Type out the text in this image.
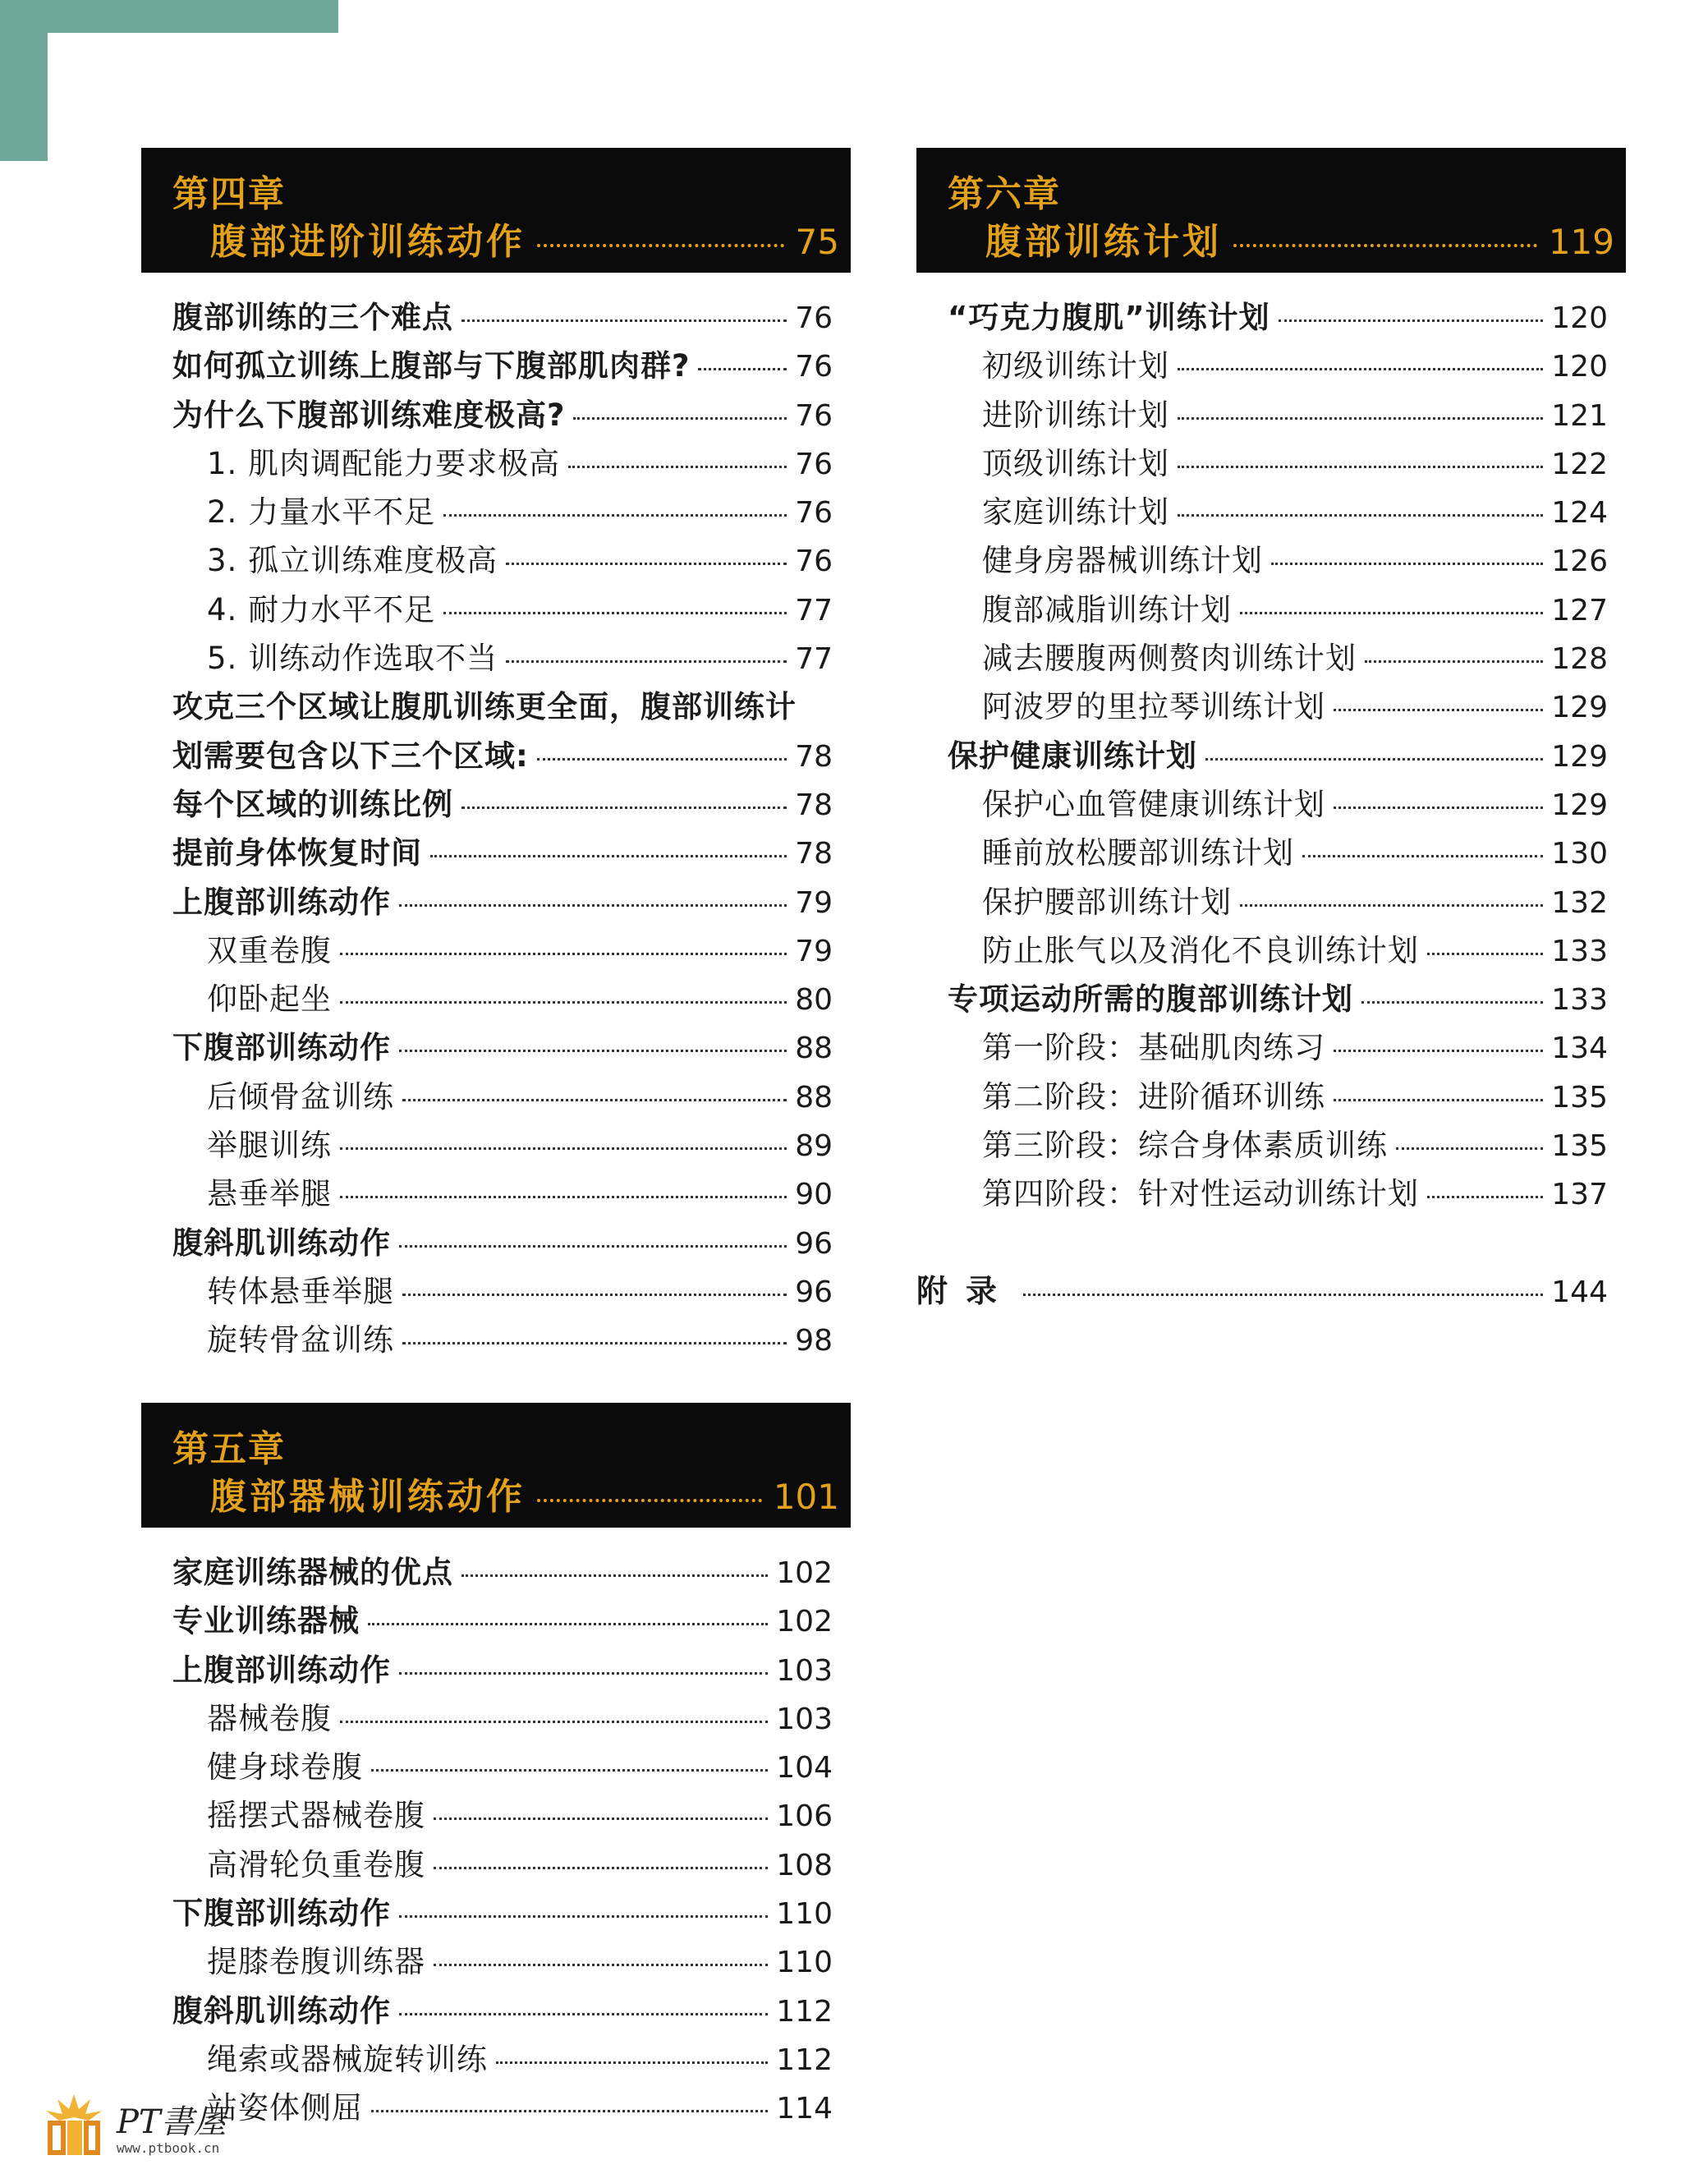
第四章
腹部进阶训练动作	75
腹部训练的三个难点	76
如何孤立训练上腹部与下腹部肌肉群?	76
为什么下腹部训练难度极高?	76
1. 肌肉调配能力要求极高	76
2. 力量水平不足	76
3. 孤立训练难度极高	76
4. 耐力水平不足	77
5. 训练动作选取不当	77
攻克三个区域让腹肌训练更全面，腹部训练计
划需要包含以下三个区域:	78
每个区域的训练比例	78
提前身体恢复时间	78
上腹部训练动作	79
双重卷腹	79
仰卧起坐	80
下腹部训练动作	88
后倾骨盆训练	88
举腿训练	89
悬垂举腿	90
腹斜肌训练动作	96
转体悬垂举腿	96
旋转骨盆训练	98
第五章
腹部器械训练动作	101
家庭训练器械的优点	102
专业训练器械	102
上腹部训练动作	103
器械卷腹	103
健身球卷腹	104
摇摆式器械卷腹	106
高滑轮负重卷腹	108
下腹部训练动作	110
提膝卷腹训练器	110
腹斜肌训练动作	112
绳索或器械旋转训练	112
站姿体侧屈	114
第六章
腹部训练计划	119
“巧克力腹肌”训练计划	120
初级训练计划	120
进阶训练计划	121
顶级训练计划	122
家庭训练计划	124
健身房器械训练计划	126
腹部减脂训练计划	127
减去腰腹两侧赘肉训练计划	128
阿波罗的里拉琴训练计划	129
保护健康训练计划	129
保护心血管健康训练计划	129
睡前放松腰部训练计划	130
保护腰部训练计划	132
防止胀气以及消化不良训练计划	133
专项运动所需的腹部训练计划	133
第一阶段：基础肌肉练习	134
第二阶段：进阶循环训练	135
第三阶段：综合身体素质训练	135
第四阶段：针对性运动训练计划	137
附录	144
PT書屋
www.ptbook.cn
